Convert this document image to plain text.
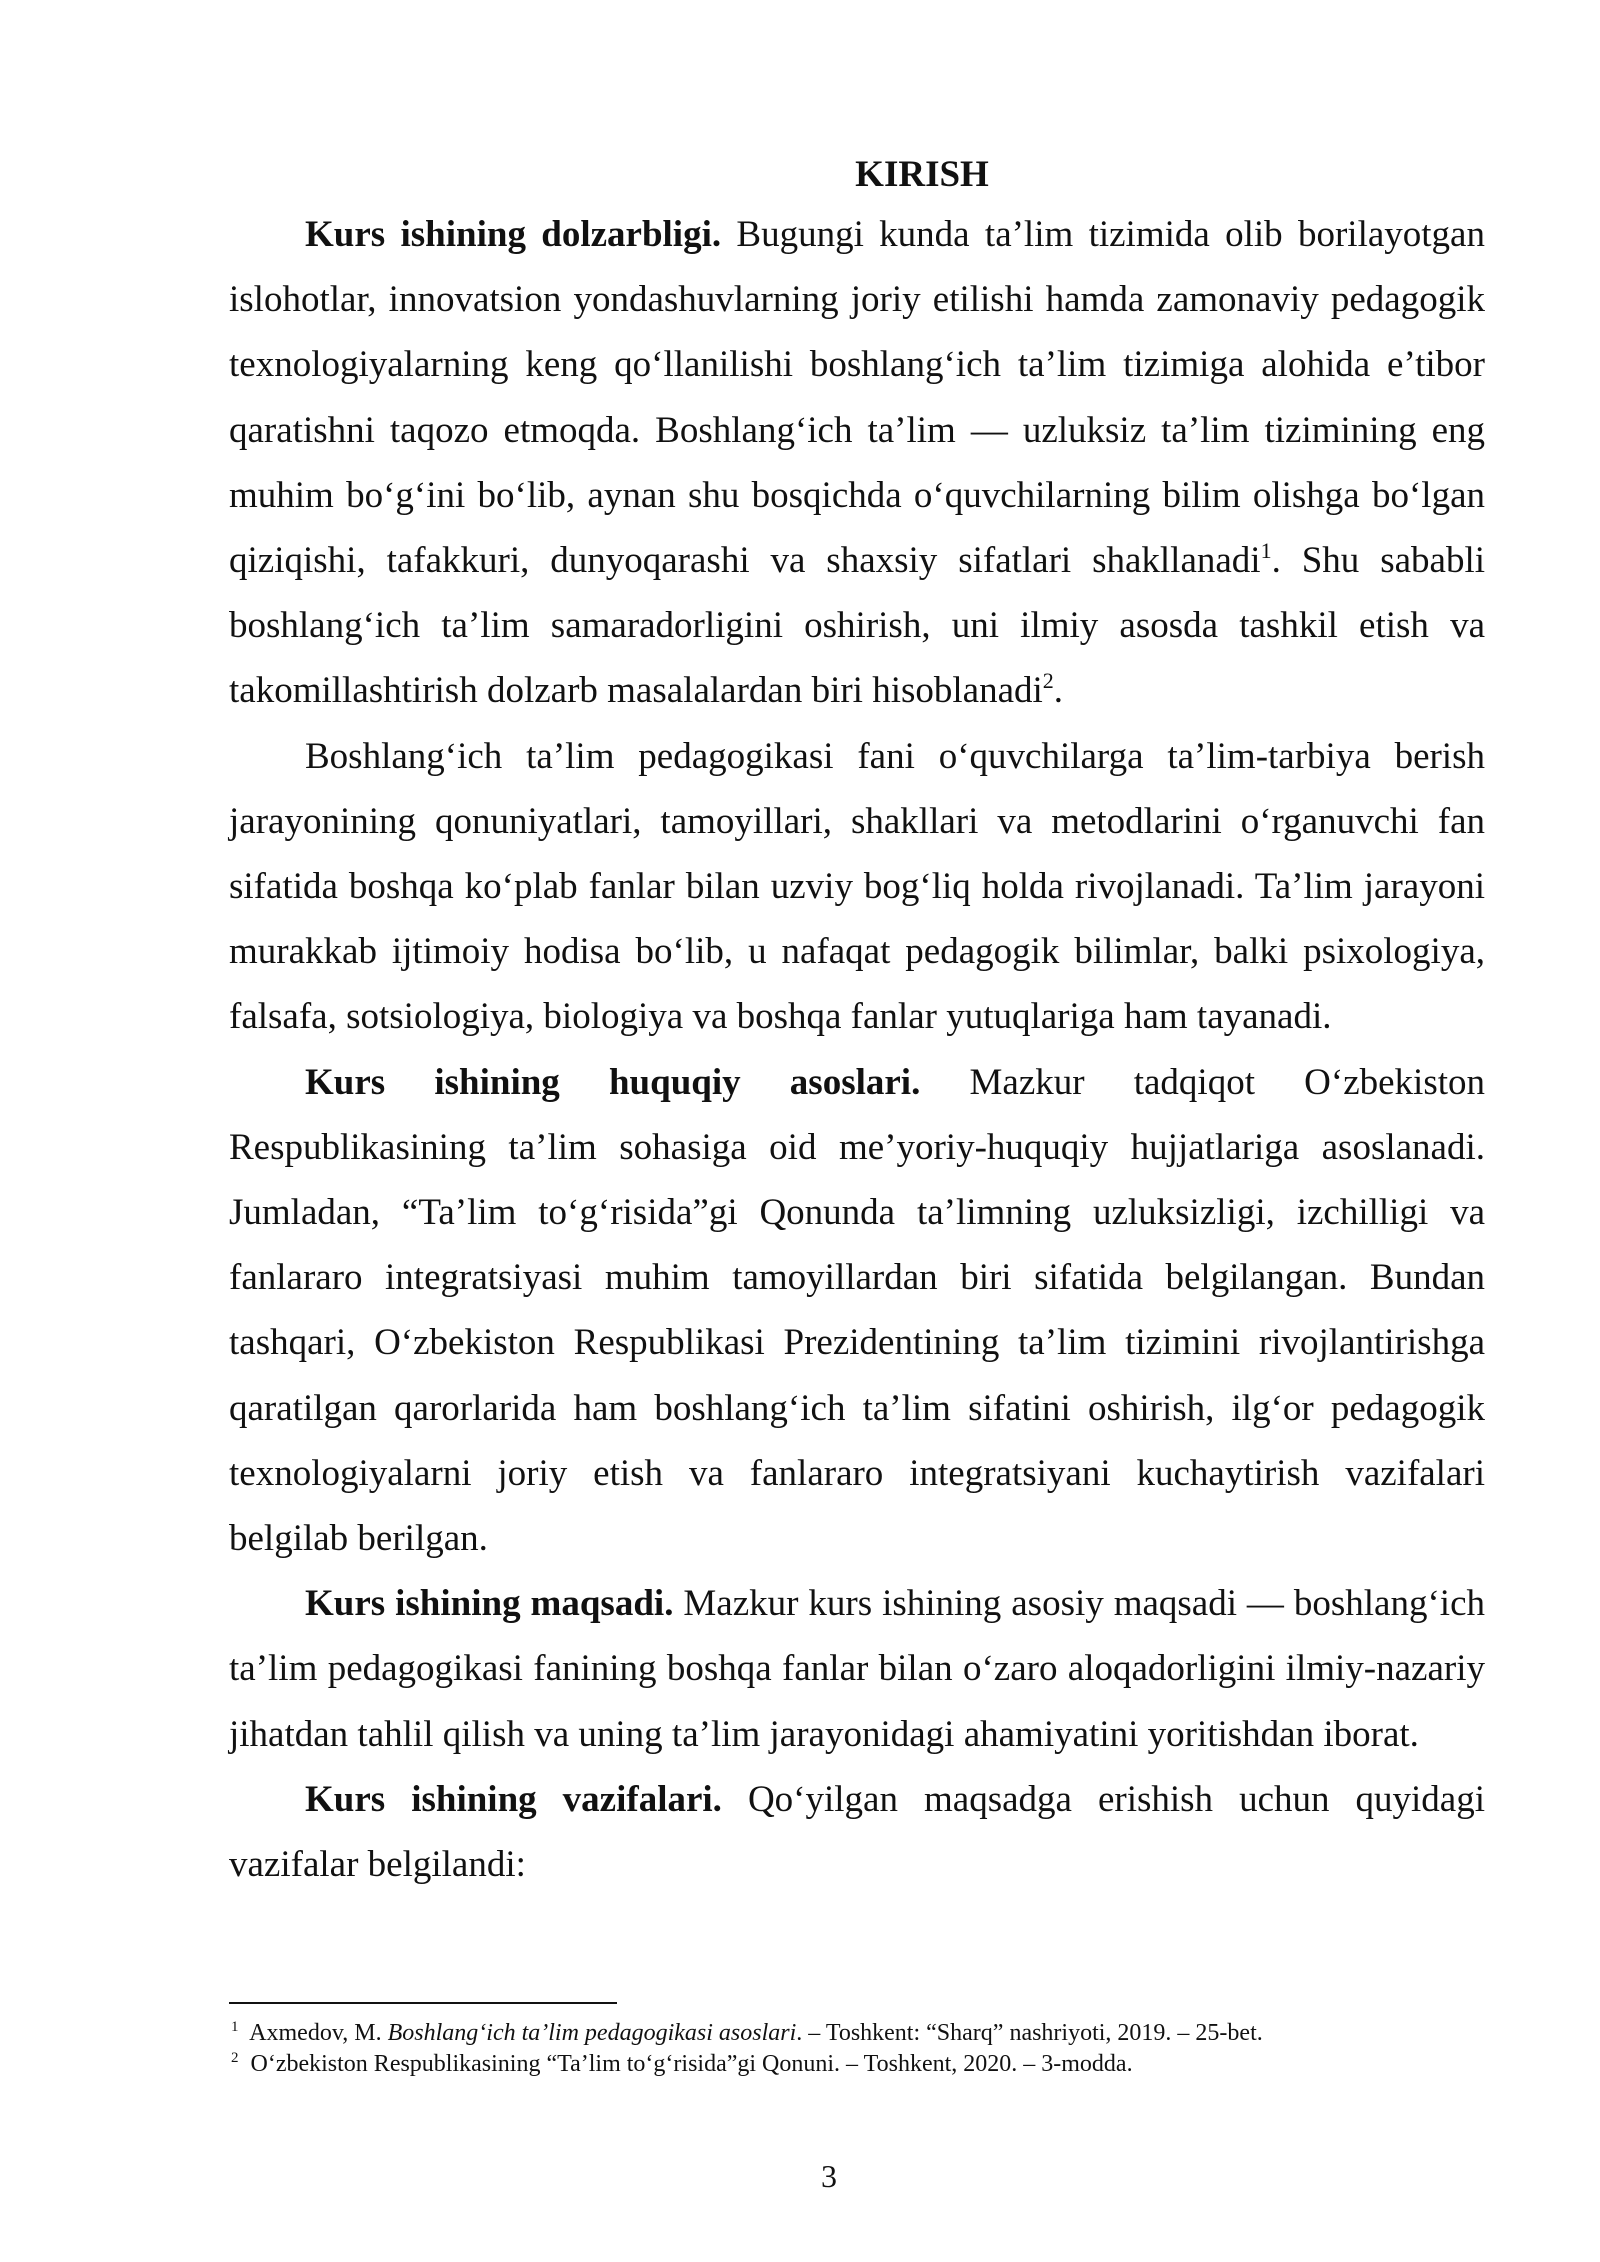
KIRISH

Kurs ishining dolzarbligi. Bugungi kunda ta’lim tizimida olib borilayotgan islohotlar, innovatsion yondashuvlarning joriy etilishi hamda zamonaviy pedagogik texnologiyalarning keng qo‘llanilishi boshlang‘ich ta’lim tizimiga alohida e’tibor qaratishni taqozo etmoqda. Boshlang‘ich ta’lim — uzluksiz ta’lim tizimining eng muhim bo‘g‘ini bo‘lib, aynan shu bosqichda o‘quvchilarning bilim olishga bo‘lgan qiziqishi, tafakkuri, dunyoqarashi va shaxsiy sifatlari shakllanadi$^1$. Shu sababli boshlang‘ich ta’lim samaradorligini oshirish, uni ilmiy asosda tashkil etish va takomillashtirish dolzarb masalalardan biri hisoblanadi$^2$.

Boshlang‘ich ta’lim pedagogikasi fani o‘quvchilarga ta’lim-tarbiya berish jarayonining qonuniyatlari, tamoyillari, shakllari va metodlarini o‘rganuvchi fan sifatida boshqa ko‘plab fanlar bilan uzviy bog‘liq holda rivojlanadi. Ta’lim jarayoni murakkab ijtimoiy hodisa bo‘lib, u nafaqat pedagogik bilimlar, balki psixologiya, falsafa, sotsiologiya, biologiya va boshqa fanlar yutuqlariga ham tayanadi.

Kurs ishining huquqiy asoslari. Mazkur tadqiqot O‘zbekiston Respublikasining ta’lim sohasiga oid me’yoriy-huquqiy hujjatlariga asoslanadi. Jumladan, “Ta’lim to‘g‘risida”gi Qonunda ta’limning uzluksizligi, izchilligi va fanlararo integratsiyasi muhim tamoyillardan biri sifatida belgilangan. Bundan tashqari, O‘zbekiston Respublikasi Prezidentining ta’lim tizimini rivojlantirishga qaratilgan qarorlarida ham boshlang‘ich ta’lim sifatini oshirish, ilg‘or pedagogik texnologiyalarni joriy etish va fanlararo integratsiyani kuchaytirish vazifalari belgilab berilgan.

Kurs ishining maqsadi. Mazkur kurs ishining asosiy maqsadi — boshlang‘ich ta’lim pedagogikasi fanining boshqa fanlar bilan o‘zaro aloqadorligini ilmiy-nazariy jihatdan tahlil qilish va uning ta’lim jarayonidagi ahamiyatini yoritishdan iborat.

Kurs ishining vazifalari. Qo‘yilgan maqsadga erishish uchun quyidagi vazifalar belgilandi:

$^1$ Axmedov, M. Boshlang‘ich ta’lim pedagogikasi asoslari. – Toshkent: “Sharq” nashriyoti, 2019. – 25-bet.

$^2$ O‘zbekiston Respublikasining “Ta’lim to‘g‘risida”gi Qonuni. – Toshkent, 2020. – 3-modda.

3
